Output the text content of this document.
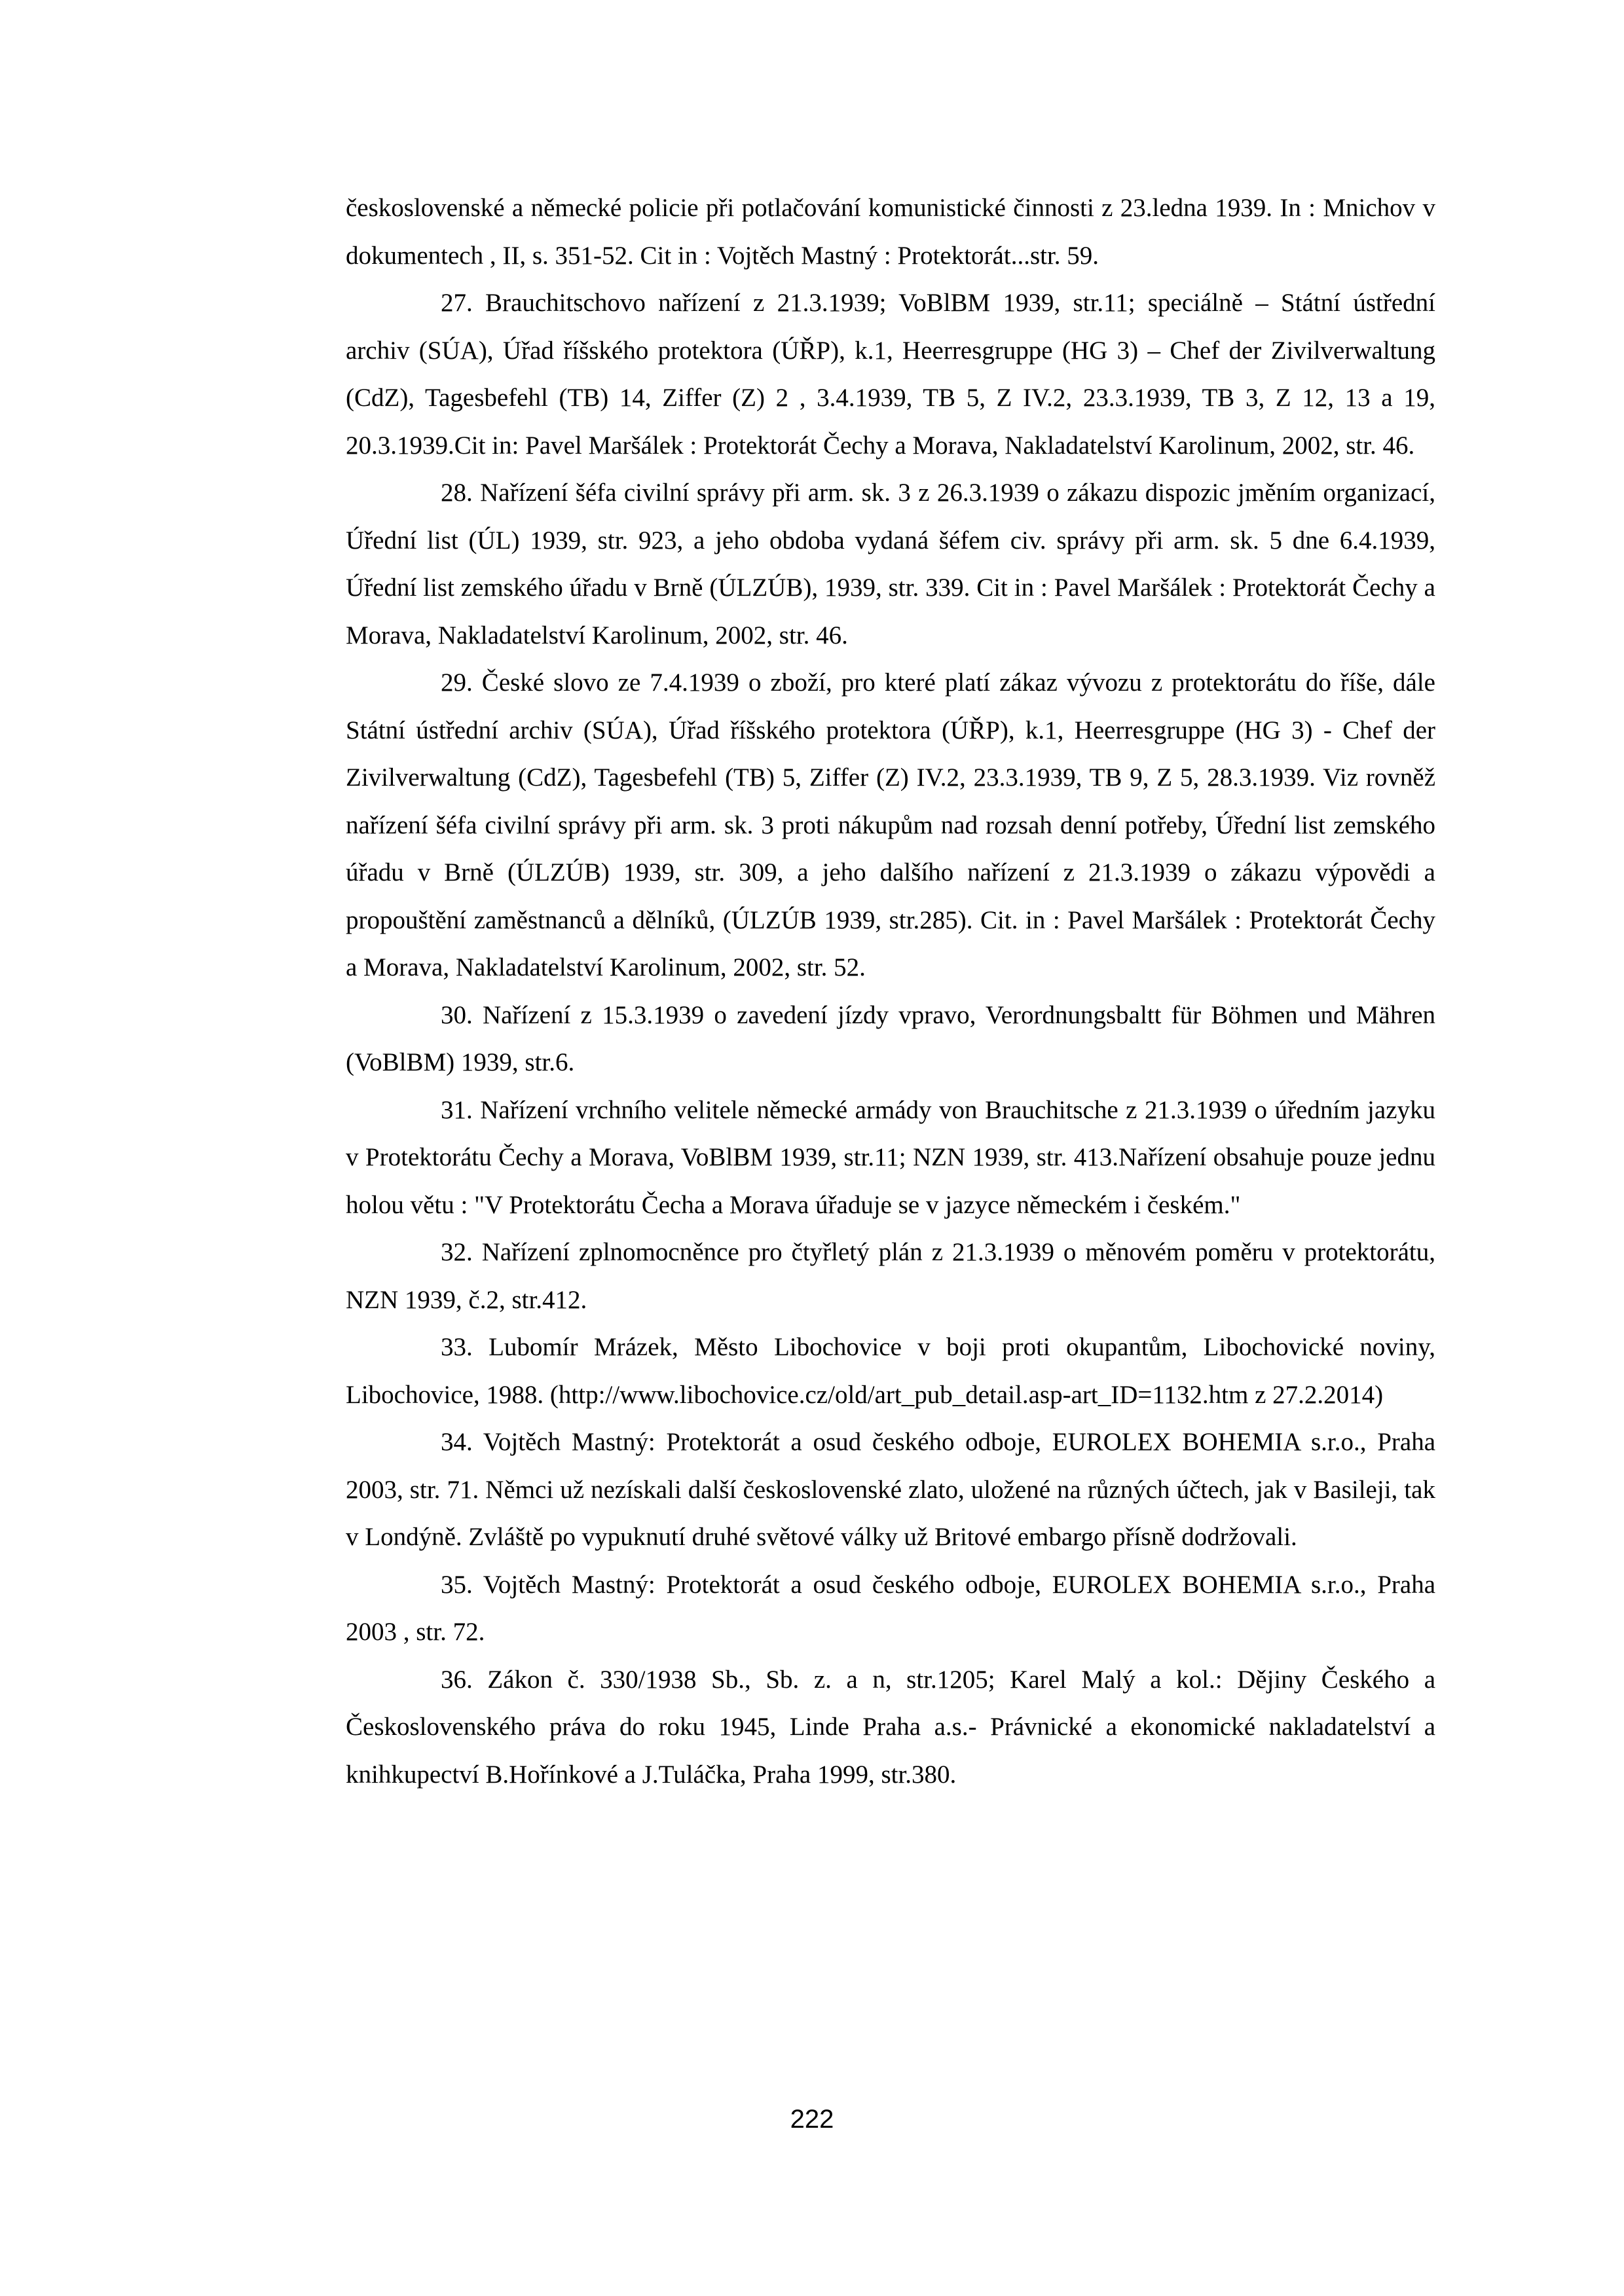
československé a německé policie při potlačování komunistické činnosti z 23.ledna 1939. In : Mnichov v dokumentech , II, s. 351-52. Cit in : Vojtěch Mastný : Protektorát...str. 59.

27. Brauchitschovo nařízení z 21.3.1939; VoBlBM 1939, str.11; speciálně – Státní ústřední archiv (SÚA), Úřad říšského protektora (ÚŘP), k.1, Heerresgruppe (HG 3) – Chef der Zivilverwaltung (CdZ), Tagesbefehl (TB) 14, Ziffer (Z) 2 , 3.4.1939, TB 5, Z IV.2, 23.3.1939, TB 3, Z 12, 13 a 19, 20.3.1939.Cit in: Pavel Maršálek : Protektorát Čechy a Morava, Nakladatelství Karolinum, 2002, str. 46.

28. Nařízení šéfa civilní správy při arm. sk. 3 z 26.3.1939 o zákazu dispozic jměním organizací, Úřední list (ÚL) 1939, str. 923, a jeho obdoba vydaná šéfem civ. správy při arm. sk. 5 dne 6.4.1939, Úřední list zemského úřadu v Brně (ÚLZÚB), 1939, str. 339. Cit in : Pavel Maršálek : Protektorát Čechy a Morava, Nakladatelství Karolinum, 2002, str. 46.

29. České slovo ze 7.4.1939 o zboží, pro které platí zákaz vývozu z protektorátu do říše, dále Státní ústřední archiv (SÚA), Úřad říšského protektora (ÚŘP), k.1, Heerresgruppe (HG 3) - Chef der Zivilverwaltung (CdZ), Tagesbefehl (TB) 5, Ziffer (Z) IV.2, 23.3.1939, TB 9, Z 5, 28.3.1939. Viz rovněž nařízení šéfa civilní správy při arm. sk. 3 proti nákupům nad rozsah denní potřeby, Úřední list zemského úřadu v Brně (ÚLZÚB) 1939, str. 309, a jeho dalšího nařízení z 21.3.1939 o zákazu výpovědi a propouštění zaměstnanců a dělníků, (ÚLZÚB 1939, str.285). Cit. in : Pavel Maršálek : Protektorát Čechy a Morava, Nakladatelství Karolinum, 2002, str. 52.

30. Nařízení z 15.3.1939 o zavedení jízdy vpravo, Verordnungsbaltt für Böhmen und Mähren (VoBlBM) 1939, str.6.

31. Nařízení vrchního velitele německé armády von Brauchitsche z 21.3.1939 o úředním jazyku v Protektorátu Čechy a Morava, VoBlBM 1939, str.11; NZN 1939, str. 413.Nařízení obsahuje pouze jednu holou větu : "V Protektorátu Čecha a Morava úřaduje se v jazyce německém i českém."

32. Nařízení zplnomocněnce pro čtyřletý plán z 21.3.1939 o měnovém poměru v protektorátu, NZN 1939, č.2, str.412.

33. Lubomír Mrázek, Město Libochovice v boji proti okupantům, Libochovické noviny, Libochovice, 1988. (http://www.libochovice.cz/old/art_pub_detail.asp-art_ID=1132.htm z 27.2.2014)

34. Vojtěch Mastný: Protektorát a osud českého odboje, EUROLEX BOHEMIA s.r.o., Praha 2003, str. 71. Němci už nezískali další československé zlato, uložené na různých účtech, jak v Basileji, tak v Londýně. Zvláště po vypuknutí druhé světové války už Britové embargo přísně dodržovali.

35. Vojtěch Mastný: Protektorát a osud českého odboje, EUROLEX BOHEMIA s.r.o., Praha 2003 , str. 72.

36. Zákon č. 330/1938 Sb., Sb. z. a n, str.1205; Karel Malý a kol.: Dějiny Českého a Československého práva do roku 1945, Linde Praha a.s.- Právnické a ekonomické nakladatelství a knihkupectví B.Hořínkové a J.Tuláčka, Praha 1999, str.380.

222
